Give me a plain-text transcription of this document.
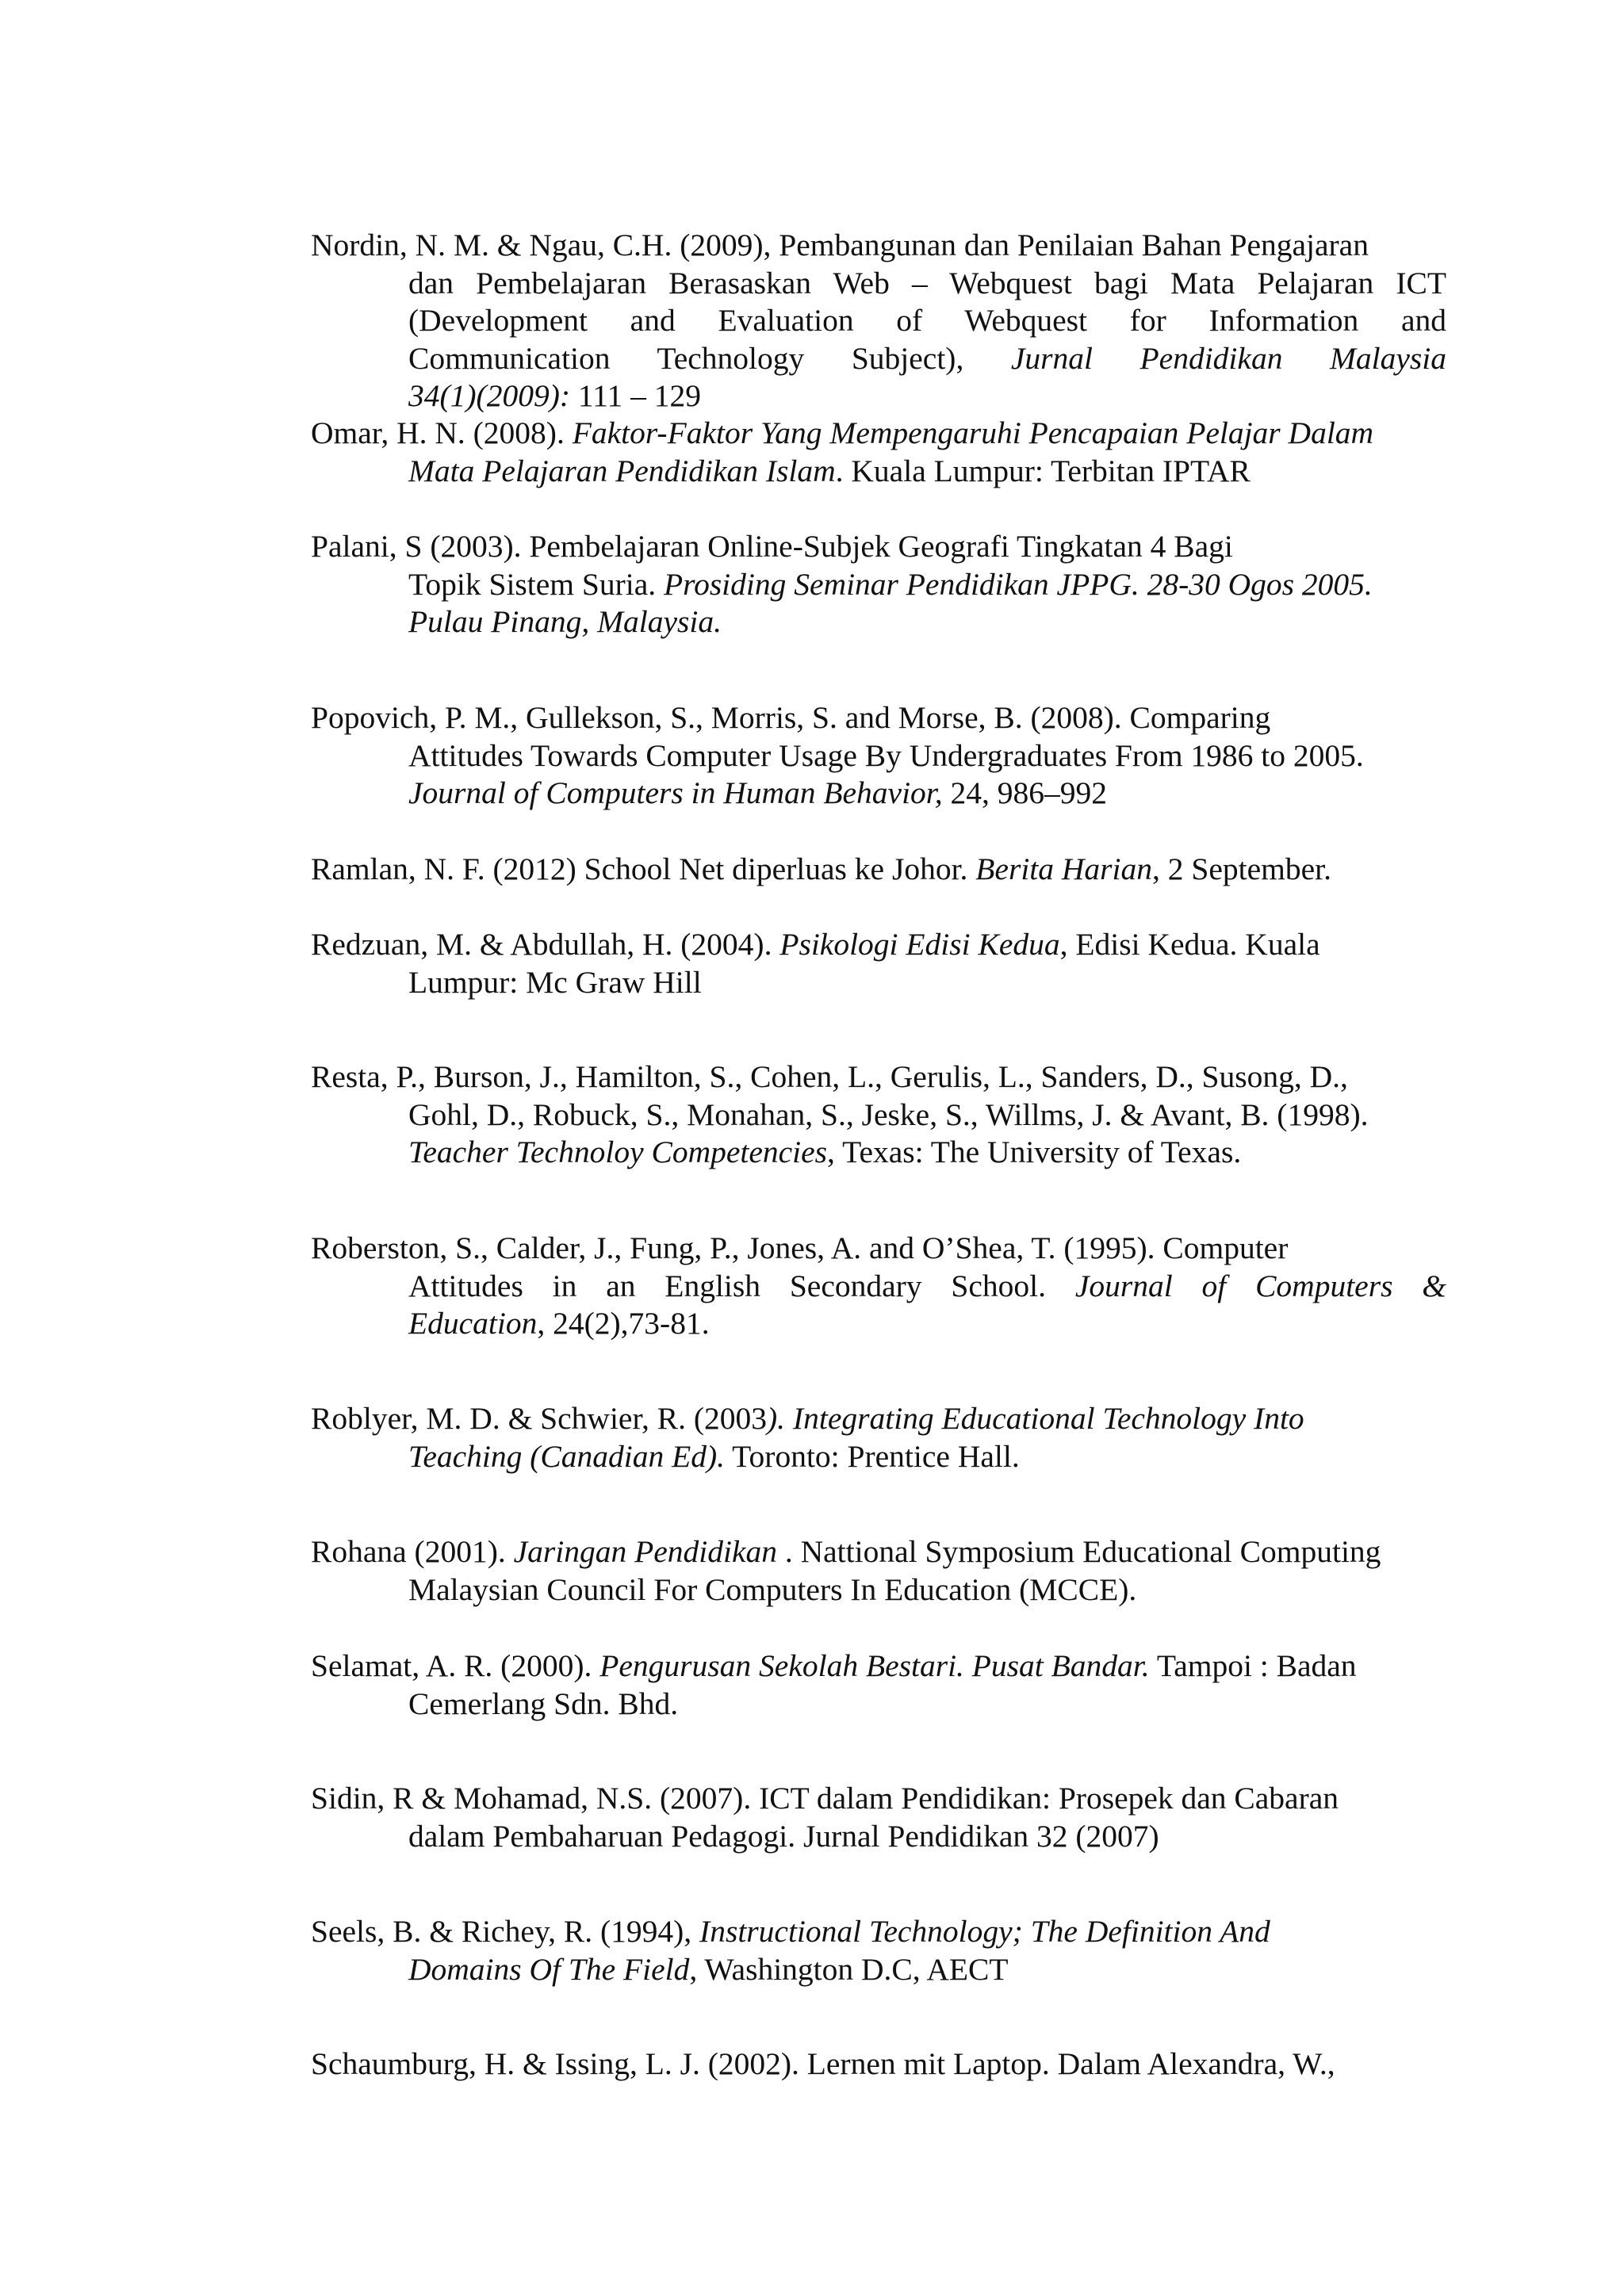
Nordin, N. M. & Ngau, C.H. (2009), Pembangunan dan Penilaian Bahan Pengajaran
dan Pembelajaran Berasaskan Web – Webquest bagi Mata Pelajaran ICT
(Development and Evaluation of Webquest for Information and
Communication Technology Subject), Jurnal Pendidikan Malaysia
34(1)(2009): 111 – 129
Omar, H. N. (2008). Faktor-Faktor Yang Mempengaruhi Pencapaian Pelajar Dalam
Mata Pelajaran Pendidikan Islam. Kuala Lumpur: Terbitan IPTAR
Palani, S (2003). Pembelajaran Online-Subjek Geografi Tingkatan 4 Bagi
Topik Sistem Suria. Prosiding Seminar Pendidikan JPPG. 28-30 Ogos 2005.
Pulau Pinang, Malaysia.
Popovich, P. M., Gullekson, S., Morris, S. and Morse, B. (2008). Comparing
Attitudes Towards Computer Usage By Undergraduates From 1986 to 2005.
Journal of Computers in Human Behavior, 24, 986–992
Ramlan, N. F. (2012) School Net diperluas ke Johor. Berita Harian, 2 September.
Redzuan, M. & Abdullah, H. (2004). Psikologi Edisi Kedua, Edisi Kedua. Kuala
Lumpur: Mc Graw Hill
Resta, P., Burson, J., Hamilton, S., Cohen, L., Gerulis, L., Sanders, D., Susong, D.,
Gohl, D., Robuck, S., Monahan, S., Jeske, S., Willms, J. & Avant, B. (1998).
Teacher Technoloy Competencies, Texas: The University of Texas.
Roberston, S., Calder, J., Fung, P., Jones, A. and O’Shea, T. (1995). Computer
Attitudes in an English Secondary School. Journal of Computers &
Education, 24(2),73-81.
Roblyer, M. D. & Schwier, R. (2003). Integrating Educational Technology Into
Teaching (Canadian Ed). Toronto: Prentice Hall.
Rohana (2001). Jaringan Pendidikan . Nattional Symposium Educational Computing
Malaysian Council For Computers In Education (MCCE).
Selamat, A. R. (2000). Pengurusan Sekolah Bestari. Pusat Bandar. Tampoi : Badan
Cemerlang Sdn. Bhd.
Sidin, R & Mohamad, N.S. (2007). ICT dalam Pendidikan: Prosepek dan Cabaran
dalam Pembaharuan Pedagogi. Jurnal Pendidikan 32 (2007)
Seels, B. & Richey, R. (1994), Instructional Technology; The Definition And
Domains Of The Field, Washington D.C, AECT
Schaumburg, H. & Issing, L. J. (2002). Lernen mit Laptop. Dalam Alexandra, W.,
